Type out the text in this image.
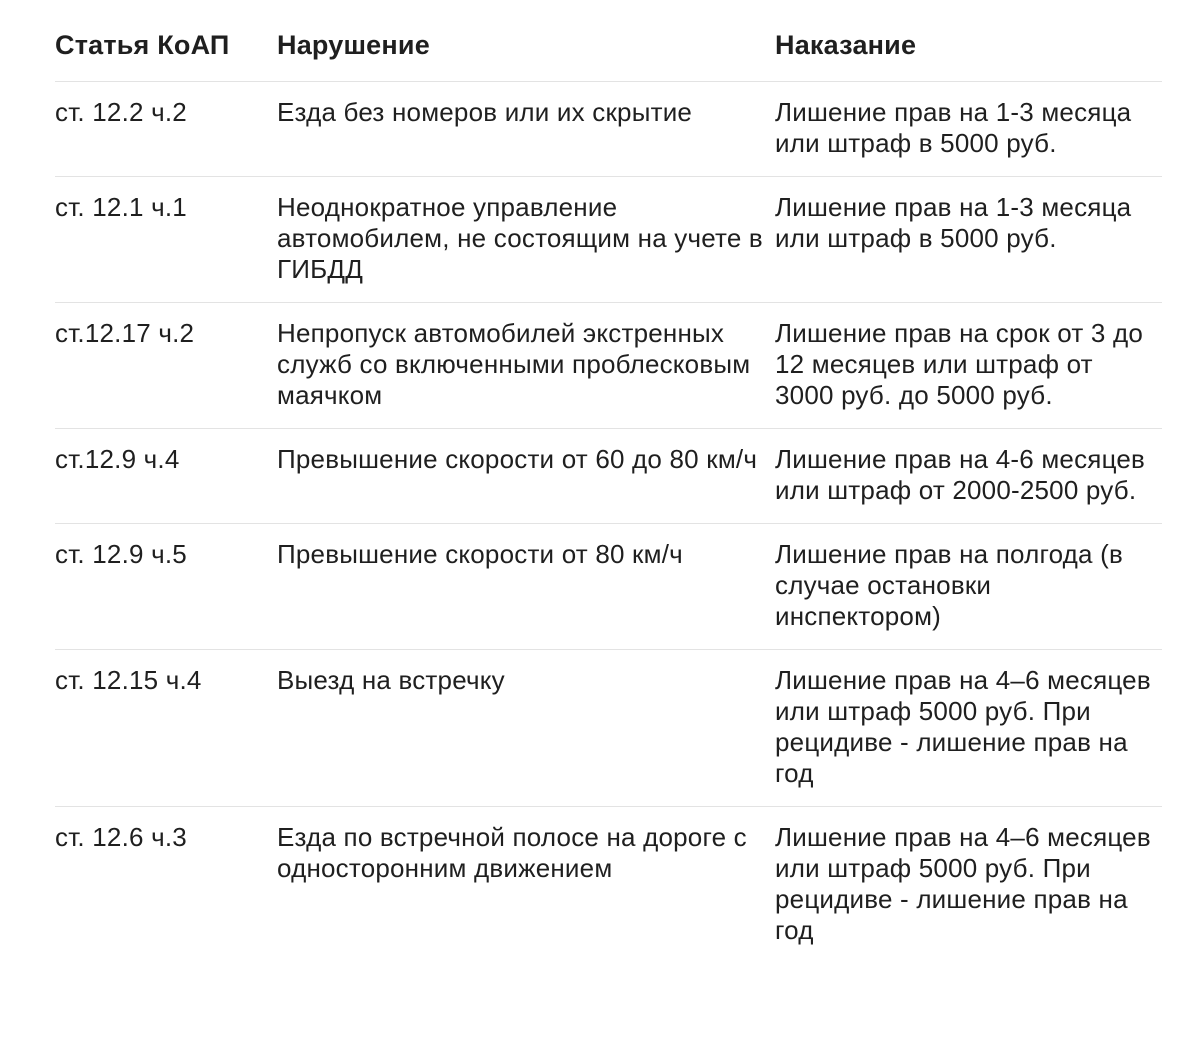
Статья КоАП	Нарушение	Наказание

ст. 12.2 ч.2	Езда без номеров или их скрытие	Лишение прав на 1-3 месяца или штраф в 5000 руб.

ст. 12.1 ч.1	Неоднократное управление автомобилем, не состоящим на учете в ГИБДД	Лишение прав на 1-3 месяца или штраф в 5000 руб.

ст.12.17 ч.2	Непропуск автомобилей экстренных служб со включенными проблесковым маячком	Лишение прав на срок от 3 до 12 месяцев или штраф от 3000 руб. до 5000 руб.

ст.12.9 ч.4	Превышение скорости от 60 до 80 км/ч	Лишение прав на 4-6 месяцев или штраф от 2000-2500 руб.

ст. 12.9 ч.5	Превышение скорости от 80 км/ч	Лишение прав на полгода (в случае остановки инспектором)

ст. 12.15 ч.4	Выезд на встречку	Лишение прав на 4–6 месяцев или штраф 5000 руб. При рецидиве - лишение прав на год

ст. 12.6 ч.3	Езда по встречной полосе на дороге с односторонним движением	Лишение прав на 4–6 месяцев или штраф 5000 руб. При рецидиве - лишение прав на год
